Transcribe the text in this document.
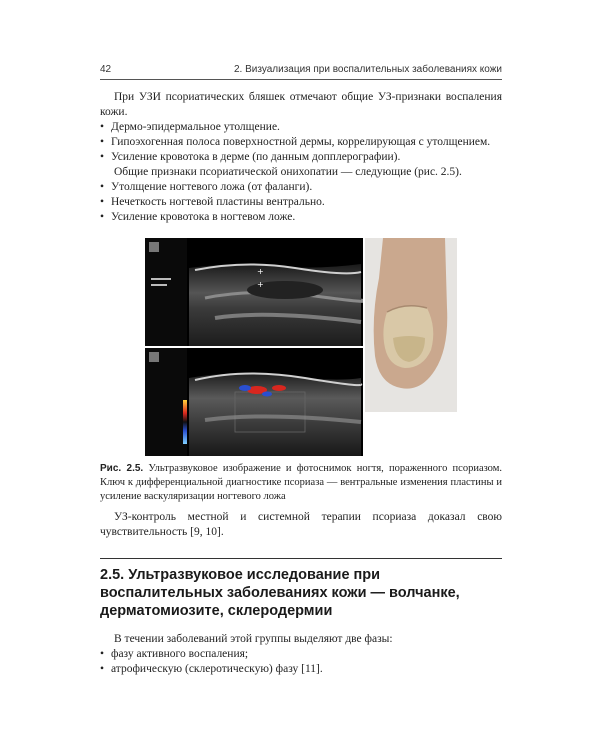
42	2. Визуализация при воспалительных заболеваниях кожи

При УЗИ псориатических бляшек отмечают общие УЗ-признаки воспаления кожи.

• Дермо-эпидермальное утолщение.
• Гипоэхогенная полоса поверхностной дермы, коррелирующая с утолщением.
• Усиление кровотока в дерме (по данным допплерографии).
Общие признаки псориатической онихопатии — следующие (рис. 2.5).
• Утолщение ногтевого ложа (от фаланги).
• Нечеткость ногтевой пластины вентрально.
• Усиление кровотока в ногтевом ложе.
+
+

Рис. 2.5. Ультразвуковое изображение и фотоснимок ногтя, пораженного псориазом. Ключ к дифференциальной диагностике псориаза — вентральные изменения пластины и усиление васкуляризации ногтевого ложа

УЗ-контроль местной и системной терапии псориаза доказал свою чувствительность [9, 10].

2.5. Ультразвуковое исследование при воспалительных заболеваниях кожи — волчанке, дерматомиозите, склеродермии

В течении заболеваний этой группы выделяют две фазы:

• фазу активного воспаления;
• атрофическую (склеротическую) фазу [11].
